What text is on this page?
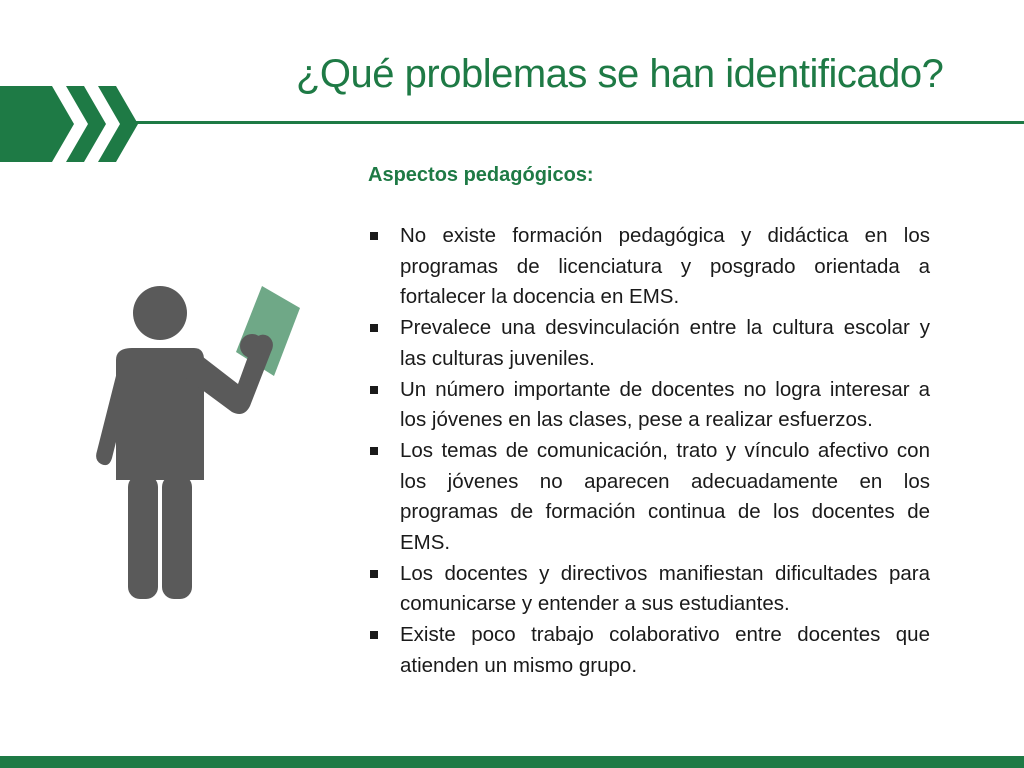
¿Qué problemas se han identificado?

Aspectos pedagógicos:

No existe formación pedagógica y didáctica en los programas de licenciatura y posgrado orientada a fortalecer la docencia en EMS.
Prevalece una desvinculación entre la cultura escolar y las culturas juveniles.
Un número importante de docentes no logra interesar a los jóvenes en las clases, pese a realizar esfuerzos.
Los temas de comunicación, trato y vínculo afectivo con los jóvenes no aparecen adecuadamente en los programas de formación continua de los docentes de EMS.
Los docentes y directivos manifiestan dificultades para comunicarse y entender a sus estudiantes.
Existe poco trabajo colaborativo entre docentes que atienden un mismo grupo.
